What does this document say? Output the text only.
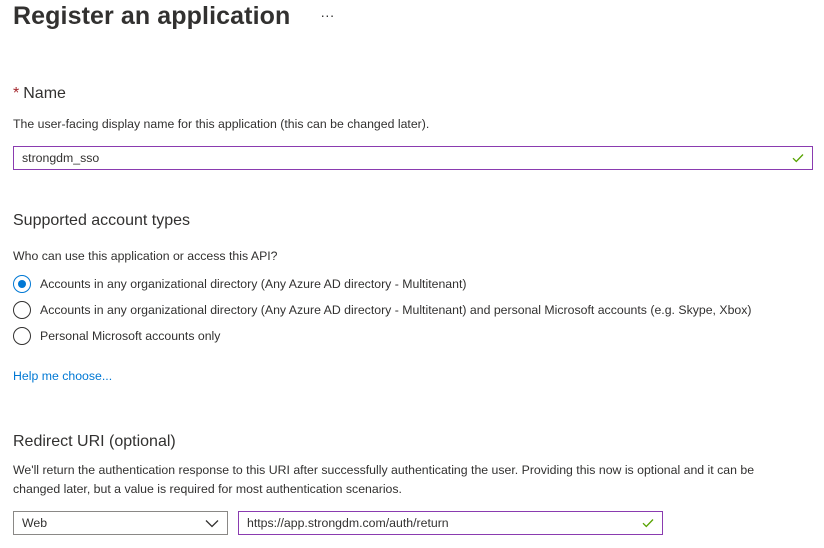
Register an application ···
* Name
The user-facing display name for this application (this can be changed later).
strongdm_sso
Supported account types
Who can use this application or access this API?
Accounts in any organizational directory (Any Azure AD directory - Multitenant)
Accounts in any organizational directory (Any Azure AD directory - Multitenant) and personal Microsoft accounts (e.g. Skype, Xbox)
Personal Microsoft accounts only
Help me choose...
Redirect URI (optional)
We'll return the authentication response to this URI after successfully authenticating the user. Providing this now is optional and it can be
changed later, but a value is required for most authentication scenarios.
Web	https://app.strongdm.com/auth/return
